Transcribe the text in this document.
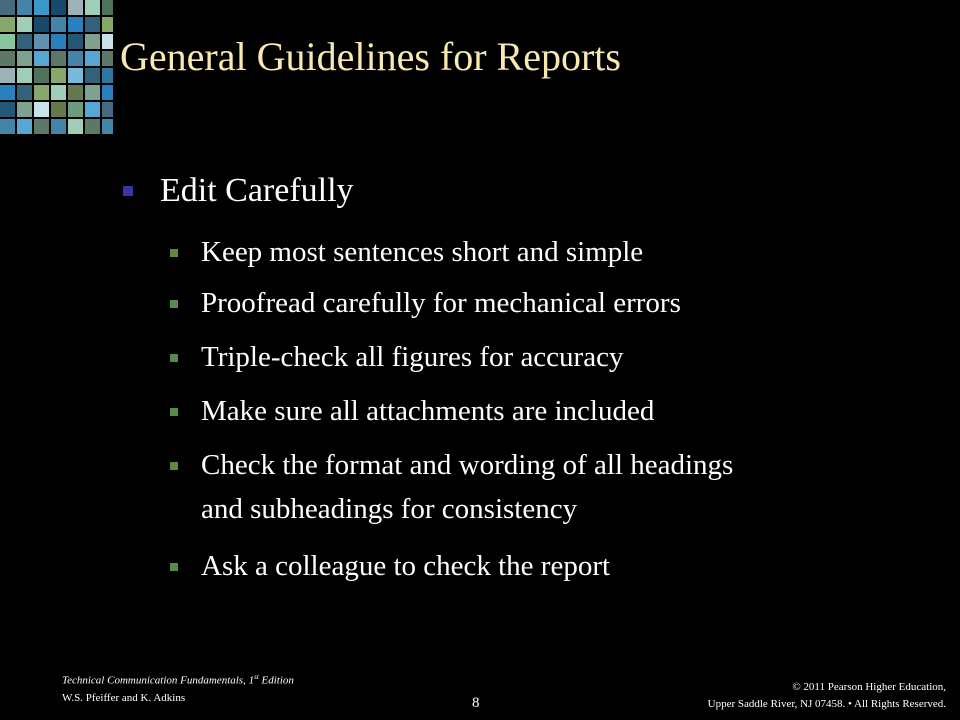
General Guidelines for Reports
Edit Carefully
Keep most sentences short and simple
Proofread carefully for mechanical errors
Triple-check all figures for accuracy
Make sure all attachments are included
Check the format and wording of all headings
and subheadings for consistency
Ask a colleague to check the report
Technical Communication Fundamentals, 1st Edition
W.S. Pfeiffer and K. Adkins	8
© 2011 Pearson Higher Education,
Upper Saddle River, NJ 07458. • All Rights Reserved.
